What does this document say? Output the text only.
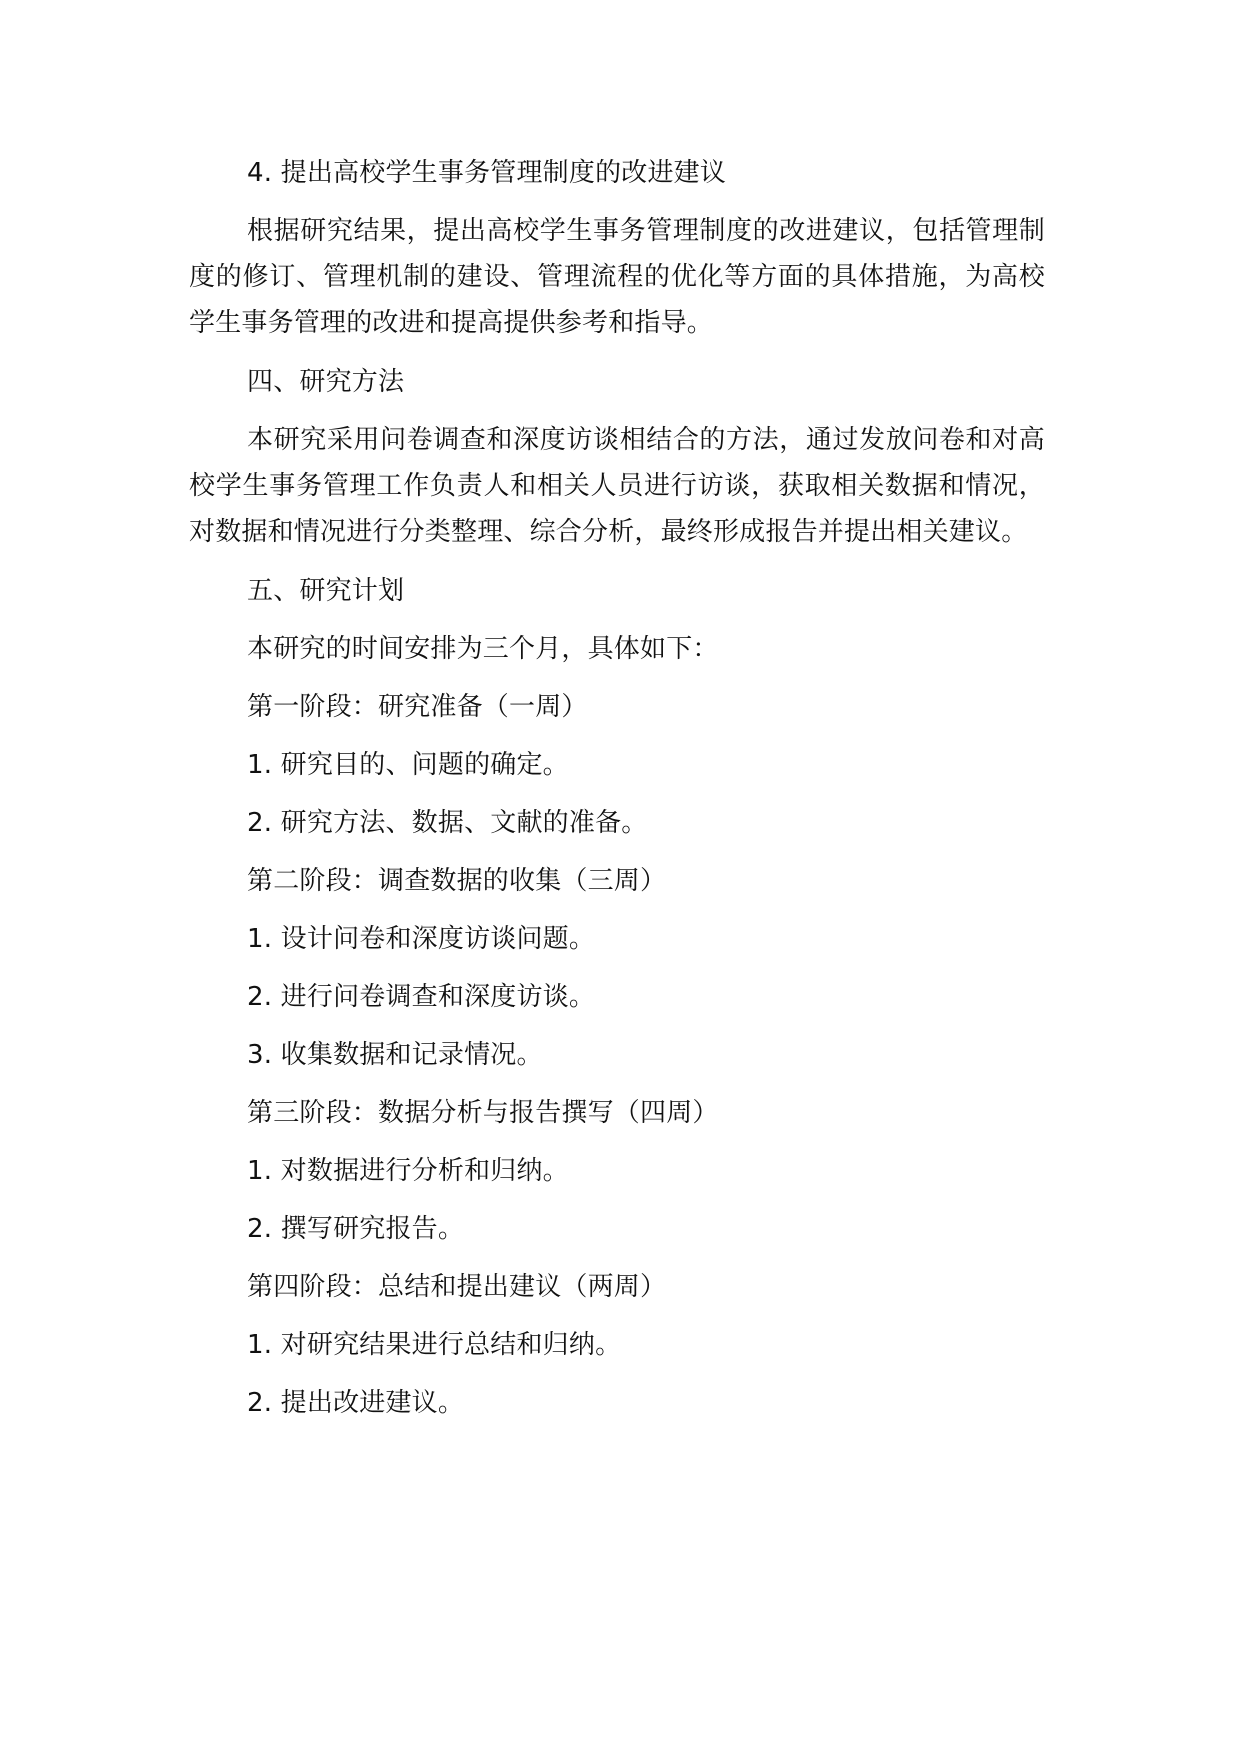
4. 提出高校学生事务管理制度的改进建议

根据研究结果，提出高校学生事务管理制度的改进建议，包括管理制度的修订、管理机制的建设、管理流程的优化等方面的具体措施，为高校学生事务管理的改进和提高提供参考和指导。

四、研究方法

本研究采用问卷调查和深度访谈相结合的方法，通过发放问卷和对高校学生事务管理工作负责人和相关人员进行访谈，获取相关数据和情况，对数据和情况进行分类整理、综合分析，最终形成报告并提出相关建议。

五、研究计划

本研究的时间安排为三个月，具体如下：

第一阶段：研究准备（一周）

1. 研究目的、问题的确定。

2. 研究方法、数据、文献的准备。

第二阶段：调查数据的收集（三周）

1. 设计问卷和深度访谈问题。

2. 进行问卷调查和深度访谈。

3. 收集数据和记录情况。

第三阶段：数据分析与报告撰写（四周）

1. 对数据进行分析和归纳。

2. 撰写研究报告。

第四阶段：总结和提出建议（两周）

1. 对研究结果进行总结和归纳。

2. 提出改进建议。
